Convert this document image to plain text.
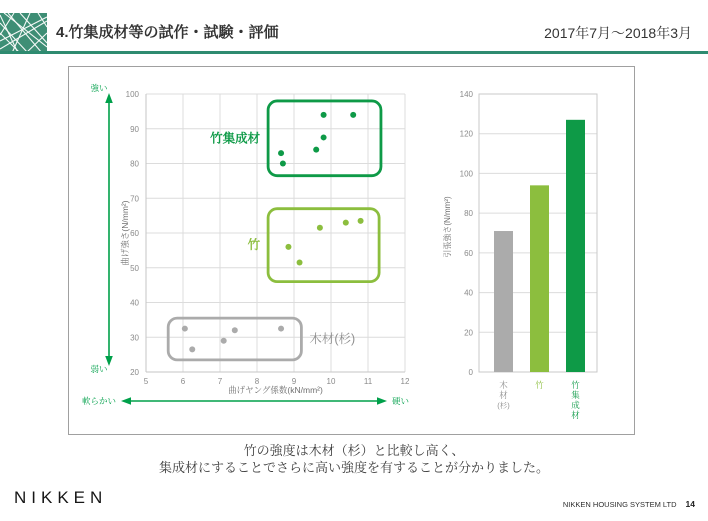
4.竹集成材等の試作・試験・評価	2017年7月～2018年3月
5	6	7	8	9	10	11	12
20
30
40
50
60
70
80
90
100
曲げヤング係数(kN/mm²)
曲げ強さ(N/mm²)
木材(杉)
竹
竹集成材
強い
弱い
軟らかい	硬い
0
20
40
60
80
100
120
140
引張強さ(N/mm²)
木
材
(杉)
竹	竹
集
成
材
竹の強度は木材（杉）と比較し高く、
集成材にすることでさらに高い強度を有することが分かりました。
NIKKEN	NIKKEN HOUSING SYSTEM LTD 14
